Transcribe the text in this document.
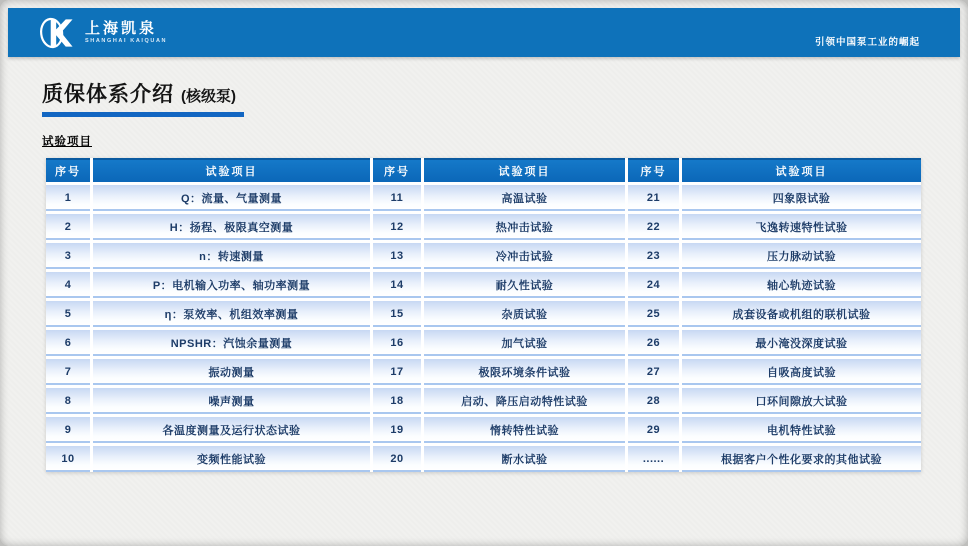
上海凯泉
SHANGHAI KAIQUAN	引领中国泵工业的崛起
质保体系介绍 (核级泵)
试验项目
序号	试验项目	序号	试验项目	序号	试验项目
1	Q：流量、气量测量	11	高温试验	21	四象限试验
2	H：扬程、极限真空测量	12	热冲击试验	22	飞逸转速特性试验
3	n：转速测量	13	冷冲击试验	23	压力脉动试验
4	P：电机输入功率、轴功率测量	14	耐久性试验	24	轴心轨迹试验
5	η：泵效率、机组效率测量	15	杂质试验	25	成套设备或机组的联机试验
6	NPSHR：汽蚀余量测量	16	加气试验	26	最小淹没深度试验
7	振动测量	17	极限环境条件试验	27	自吸高度试验
8	噪声测量	18	启动、降压启动特性试验	28	口环间隙放大试验
9	各温度测量及运行状态试验	19	惰转特性试验	29	电机特性试验
10	变频性能试验	20	断水试验	......	根据客户个性化要求的其他试验
